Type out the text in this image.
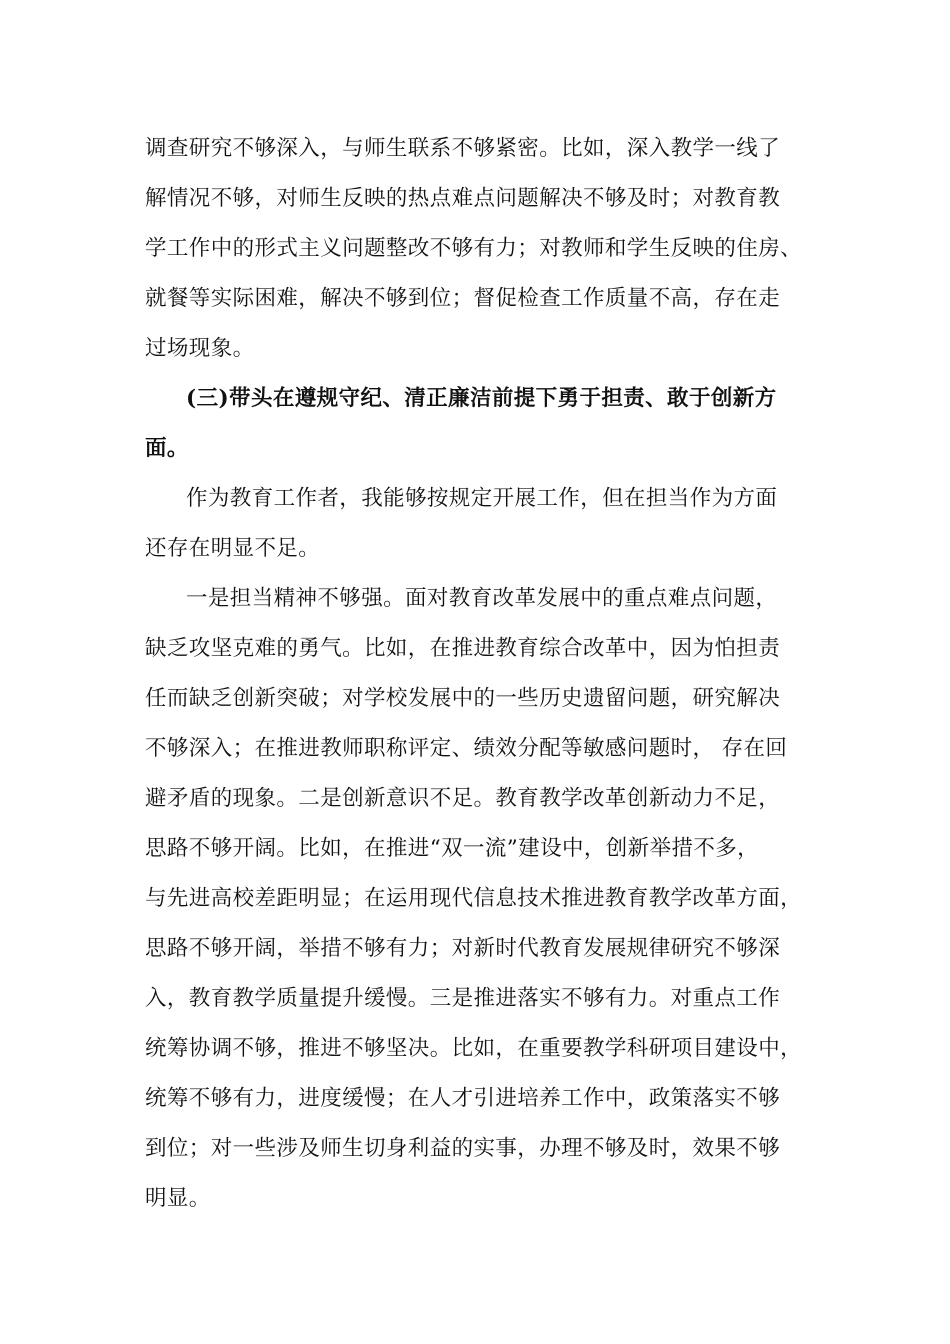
调查研究不够深入，与师生联系不够紧密。比如，深入教学一线了
解情况不够，对师生反映的热点难点问题解决不够及时；对教育教
学工作中的形式主义问题整改不够有力；对教师和学生反映的住房、
就餐等实际困难，解决不够到位；督促检查工作质量不高，存在走
过场现象。
(三)带头在遵规守纪、清正廉洁前提下勇于担责、敢于创新方
面。
作为教育工作者，我能够按规定开展工作，但在担当作为方面
还存在明显不足。
一是担当精神不够强。面对教育改革发展中的重点难点问题，
缺乏攻坚克难的勇气。比如，在推进教育综合改革中，因为怕担责
任而缺乏创新突破；对学校发展中的一些历史遗留问题，研究解决
不够深入；在推进教师职称评定、绩效分配等敏感问题时， 存在回
避矛盾的现象。二是创新意识不足。教育教学改革创新动力不足，
思路不够开阔。比如，在推进“双一流”建设中，创新举措不多，
与先进高校差距明显；在运用现代信息技术推进教育教学改革方面，
思路不够开阔，举措不够有力；对新时代教育发展规律研究不够深
入，教育教学质量提升缓慢。三是推进落实不够有力。对重点工作
统筹协调不够，推进不够坚决。比如，在重要教学科研项目建设中，
统筹不够有力，进度缓慢；在人才引进培养工作中，政策落实不够
到位；对一些涉及师生切身利益的实事，办理不够及时，效果不够
明显。
